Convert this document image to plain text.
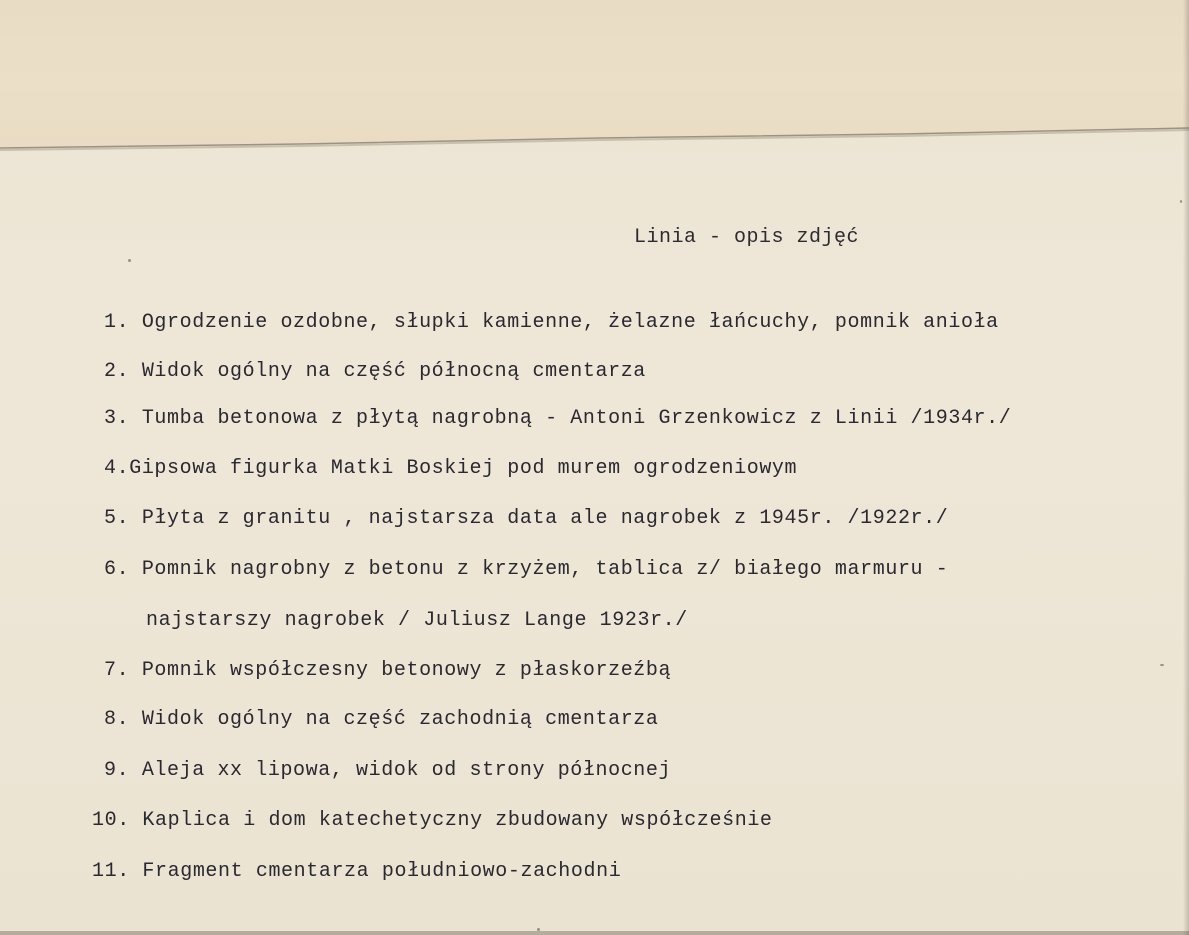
Linia - opis zdjęć
1. Ogrodzenie ozdobne, słupki kamienne, żelazne łańcuchy, pomnik anioła
2. Widok ogólny na część północną cmentarza
3. Tumba betonowa z płytą nagrobną - Antoni Grzenkowicz z Linii /1934r./
4.Gipsowa figurka Matki Boskiej pod murem ogrodzeniowym
5. Płyta z granitu , najstarsza data ale nagrobek z 1945r. /1922r./
6. Pomnik nagrobny z betonu z krzyżem, tablica z/ białego marmuru -
najstarszy nagrobek / Juliusz Lange 1923r./
7. Pomnik współczesny betonowy z płaskorzeźbą
8. Widok ogólny na część zachodnią cmentarza
9. Aleja xx lipowa, widok od strony północnej
10. Kaplica i dom katechetyczny zbudowany współcześnie
11. Fragment cmentarza południowo-zachodni
